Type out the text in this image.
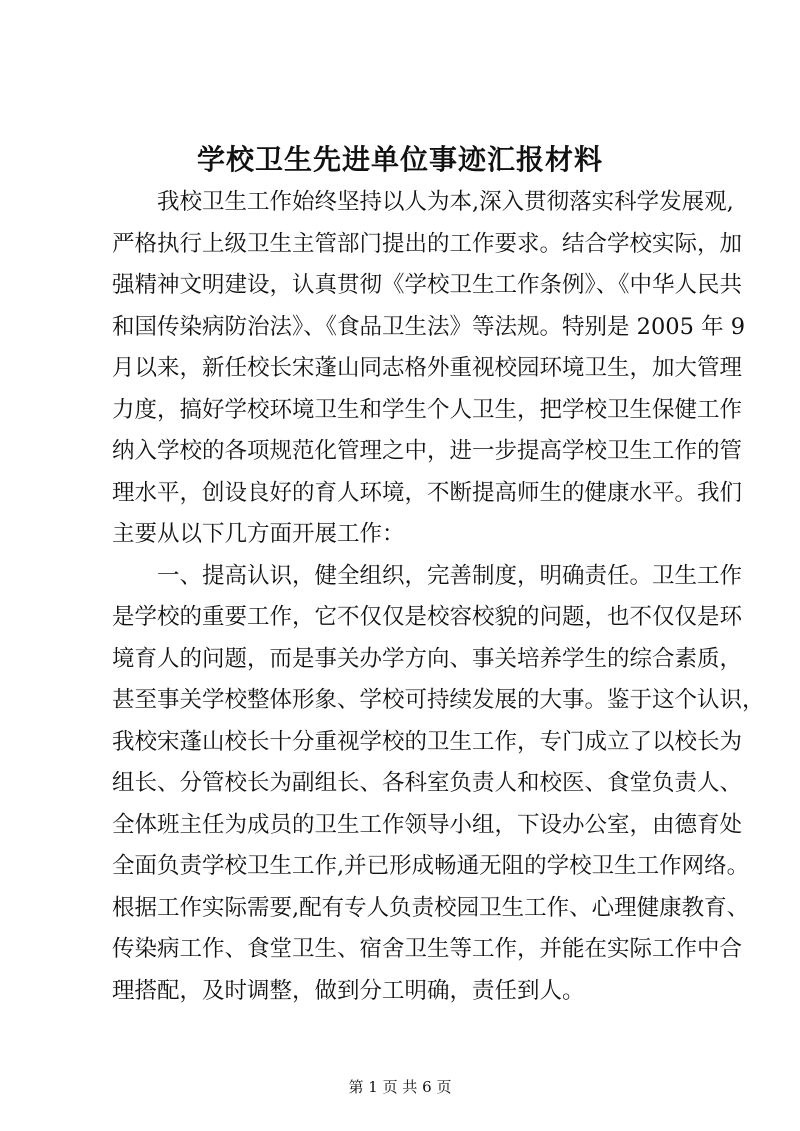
学校卫生先进单位事迹汇报材料
我校卫生工作始终坚持以人为本,深入贯彻落实科学发展观,
严格执行上级卫生主管部门提出的工作要求。结合学校实际，加
强精神文明建设，认真贯彻《学校卫生工作条例》、《中华人民共
和国传染病防治法》、《食品卫生法》等法规。特别是 2005 年 9
月以来，新任校长宋蓬山同志格外重视校园环境卫生，加大管理
力度，搞好学校环境卫生和学生个人卫生，把学校卫生保健工作
纳入学校的各项规范化管理之中，进一步提高学校卫生工作的管
理水平，创设良好的育人环境，不断提高师生的健康水平。我们
主要从以下几方面开展工作：
一、提高认识，健全组织，完善制度，明确责任。卫生工作
是学校的重要工作，它不仅仅是校容校貌的问题，也不仅仅是环
境育人的问题，而是事关办学方向、事关培养学生的综合素质，
甚至事关学校整体形象、学校可持续发展的大事。鉴于这个认识，
我校宋蓬山校长十分重视学校的卫生工作，专门成立了以校长为
组长、分管校长为副组长、各科室负责人和校医、食堂负责人、
全体班主任为成员的卫生工作领导小组，下设办公室，由德育处
全面负责学校卫生工作,并已形成畅通无阻的学校卫生工作网络。
根据工作实际需要,配有专人负责校园卫生工作、心理健康教育、
传染病工作、食堂卫生、宿舍卫生等工作，并能在实际工作中合
理搭配，及时调整，做到分工明确，责任到人。
第 1 页 共 6 页
